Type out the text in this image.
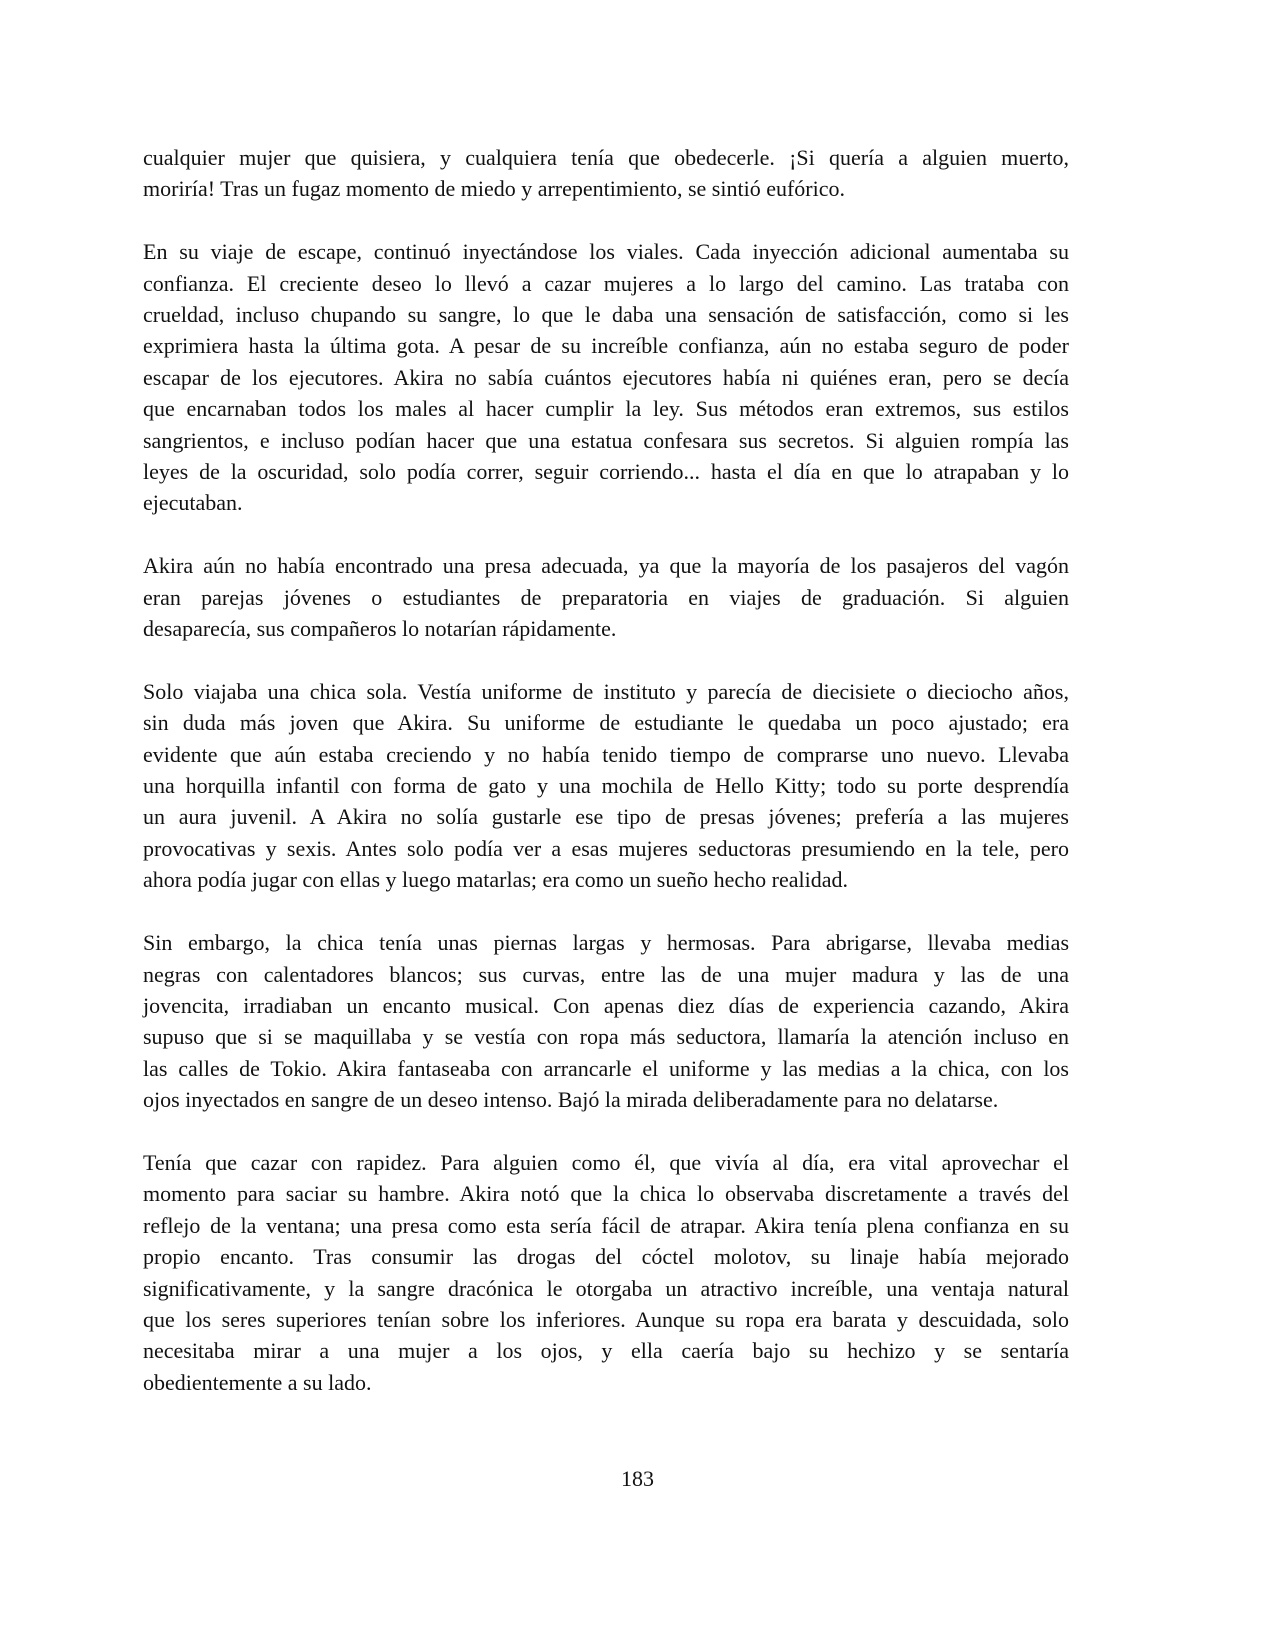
cualquier mujer que quisiera, y cualquiera tenía que obedecerle. ¡Si quería a alguien muerto,
moriría! Tras un fugaz momento de miedo y arrepentimiento, se sintió eufórico.

En su viaje de escape, continuó inyectándose los viales. Cada inyección adicional aumentaba su
confianza. El creciente deseo lo llevó a cazar mujeres a lo largo del camino. Las trataba con
crueldad, incluso chupando su sangre, lo que le daba una sensación de satisfacción, como si les
exprimiera hasta la última gota. A pesar de su increíble confianza, aún no estaba seguro de poder
escapar de los ejecutores. Akira no sabía cuántos ejecutores había ni quiénes eran, pero se decía
que encarnaban todos los males al hacer cumplir la ley. Sus métodos eran extremos, sus estilos
sangrientos, e incluso podían hacer que una estatua confesara sus secretos. Si alguien rompía las
leyes de la oscuridad, solo podía correr, seguir corriendo... hasta el día en que lo atrapaban y lo
ejecutaban.

Akira aún no había encontrado una presa adecuada, ya que la mayoría de los pasajeros del vagón
eran parejas jóvenes o estudiantes de preparatoria en viajes de graduación. Si alguien
desaparecía, sus compañeros lo notarían rápidamente.

Solo viajaba una chica sola. Vestía uniforme de instituto y parecía de diecisiete o dieciocho años,
sin duda más joven que Akira. Su uniforme de estudiante le quedaba un poco ajustado; era
evidente que aún estaba creciendo y no había tenido tiempo de comprarse uno nuevo. Llevaba
una horquilla infantil con forma de gato y una mochila de Hello Kitty; todo su porte desprendía
un aura juvenil. A Akira no solía gustarle ese tipo de presas jóvenes; prefería a las mujeres
provocativas y sexis. Antes solo podía ver a esas mujeres seductoras presumiendo en la tele, pero
ahora podía jugar con ellas y luego matarlas; era como un sueño hecho realidad.

Sin embargo, la chica tenía unas piernas largas y hermosas. Para abrigarse, llevaba medias
negras con calentadores blancos; sus curvas, entre las de una mujer madura y las de una
jovencita, irradiaban un encanto musical. Con apenas diez días de experiencia cazando, Akira
supuso que si se maquillaba y se vestía con ropa más seductora, llamaría la atención incluso en
las calles de Tokio. Akira fantaseaba con arrancarle el uniforme y las medias a la chica, con los
ojos inyectados en sangre de un deseo intenso. Bajó la mirada deliberadamente para no delatarse.

Tenía que cazar con rapidez. Para alguien como él, que vivía al día, era vital aprovechar el
momento para saciar su hambre. Akira notó que la chica lo observaba discretamente a través del
reflejo de la ventana; una presa como esta sería fácil de atrapar. Akira tenía plena confianza en su
propio encanto. Tras consumir las drogas del cóctel molotov, su linaje había mejorado
significativamente, y la sangre dracónica le otorgaba un atractivo increíble, una ventaja natural
que los seres superiores tenían sobre los inferiores. Aunque su ropa era barata y descuidada, solo
necesitaba mirar a una mujer a los ojos, y ella caería bajo su hechizo y se sentaría
obedientemente a su lado.

183
